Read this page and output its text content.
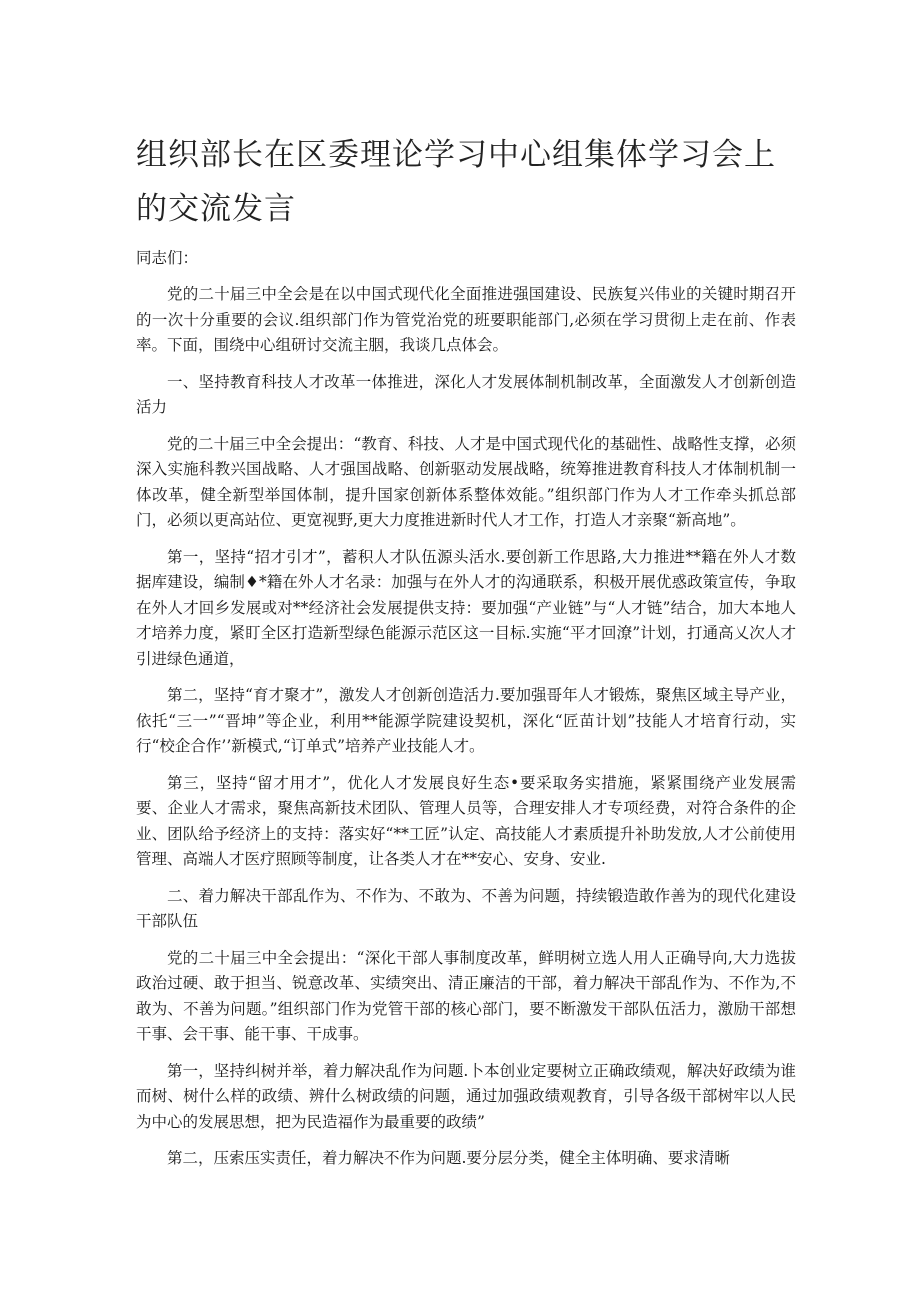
组织部长在区委理论学习中心组集体学习会上的交流发言

同志们：

党的二十届三中全会是在以中国式现代化全面推进强国建设、民族复兴伟业的关键时期召开的一次十分重要的会议.组织部门作为管党治党的班要职能部门,必须在学习贯彻上走在前、作表率。下面，围绕中心组研讨交流主胭，我谈几点体会。

一、坚持教育科技人才改革一体推进，深化人才发展体制机制改革，全面激发人才创新创造活力

党的二十届三中全会提出：“教育、科技、人才是中国式现代化的基础性、战略性支撑，必须深入实施科教兴国战略、人才强国战略、创新驱动发展战略，统筹推进教育科技人才体制机制一体改革，健全新型举国体制，提升国家创新体系整体效能。”组织部门作为人才工作牵头抓总部门，必须以更高站位、更宽视野,更大力度推进新时代人才工作，打造人才亲聚“新高地”。

第一，坚持“招才引才”，蓄积人才队伍源头活水.要创新工作思路,大力推进**籍在外人才数据库建设，编制♦*籍在外人才名录：加强与在外人才的沟通联系，积极开展优惑政策宣传，争取在外人才回乡发展或对**经济社会发展提供支持：要加强“产业链”与“人才链”结合，加大本地人才培养力度，紧盯全区打造新型绿色能源示范区这一目标.实施“平才回潦”计划，打通高乂次人才引进绿色通道，

第二，坚持“育才聚才”，激发人才创新创造活力.要加强哥年人才锻炼，聚焦区域主导产业，依托“三一”“晋坤”等企业，利用**能源学院建设契机，深化“匠苗计划”技能人才培育行动，实行“校企合作’’新模式,“订单式”培养产业技能人才。

第三，坚持“留才用才”，优化人才发展良好生态•要采取务实措施，紧紧围绕产业发展需要、企业人才需求，聚焦高新技术团队、管理人员等，合理安排人才专项经费，对符合条件的企业、团队给予经济上的支持：落实好“**工匠”认定、高技能人才素质提升补助发放,人才公前使用管理、高端人才医疗照顾等制度，让各类人才在**安心、安身、安业.

二、着力解决干部乱作为、不作为、不敢为、不善为问题，持续锻造敢作善为的现代化建设干部队伍

党的二十届三中全会提出：“深化干部人事制度改革，鲜明树立选人用人正确导向,大力选拔政治过硬、敢于担当、锐意改革、实绩突出、清正廉洁的干部，着力解决干部乱作为、不作为,不敢为、不善为问题。”组织部门作为党管干部的核心部门，要不断激发干部队伍活力，激励干部想干事、会干事、能干事、干成事。

第一，坚持纠树并举，着力解决乱作为问题.卜本创业定要树立正确政绩观，解决好政绩为谁而树、树什么样的政绩、辨什么树政绩的问题，通过加强政绩观教育，引导各级干部树牢以人民为中心的发展思想，把为民造福作为最重要的政绩”

第二，压索压实责任，着力解决不作为问题.要分层分类，健全主体明确、要求清晰
